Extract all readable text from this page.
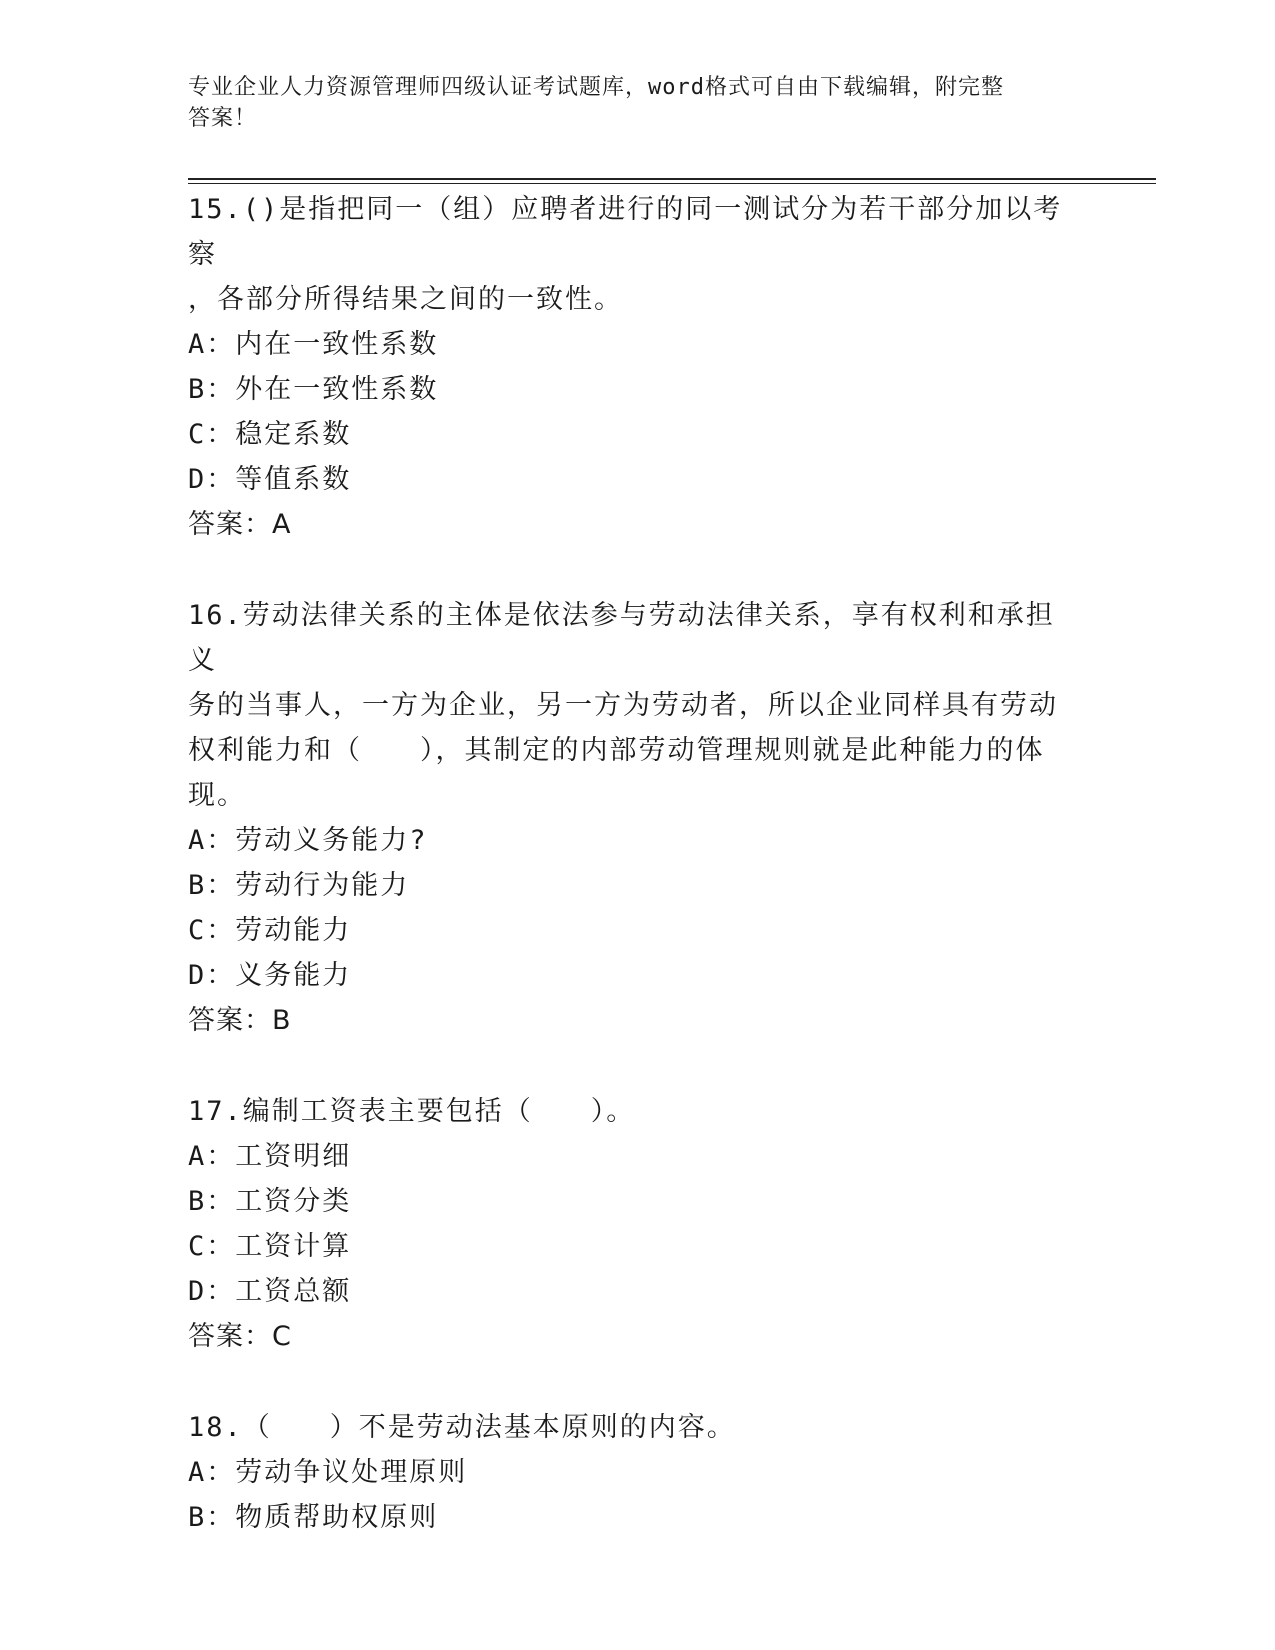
专业企业人力资源管理师四级认证考试题库，word格式可自由下载编辑，附完整
答案！
15.()是指把同一（组）应聘者进行的同一测试分为若干部分加以考察
，各部分所得结果之间的一致性。
A：内在一致性系数
B：外在一致性系数
C：稳定系数
D：等值系数
答案：A
16.劳动法律关系的主体是依法参与劳动法律关系，享有权利和承担义
务的当事人，一方为企业，另一方为劳动者，所以企业同样具有劳动
权利能力和（　　），其制定的内部劳动管理规则就是此种能力的体
现。
A：劳动义务能力?
B：劳动行为能力
C：劳动能力
D：义务能力
答案：B
17.编制工资表主要包括（　　）。
A：工资明细
B：工资分类
C：工资计算
D：工资总额
答案：C
18.（　　）不是劳动法基本原则的内容。
A：劳动争议处理原则
B：物质帮助权原则
